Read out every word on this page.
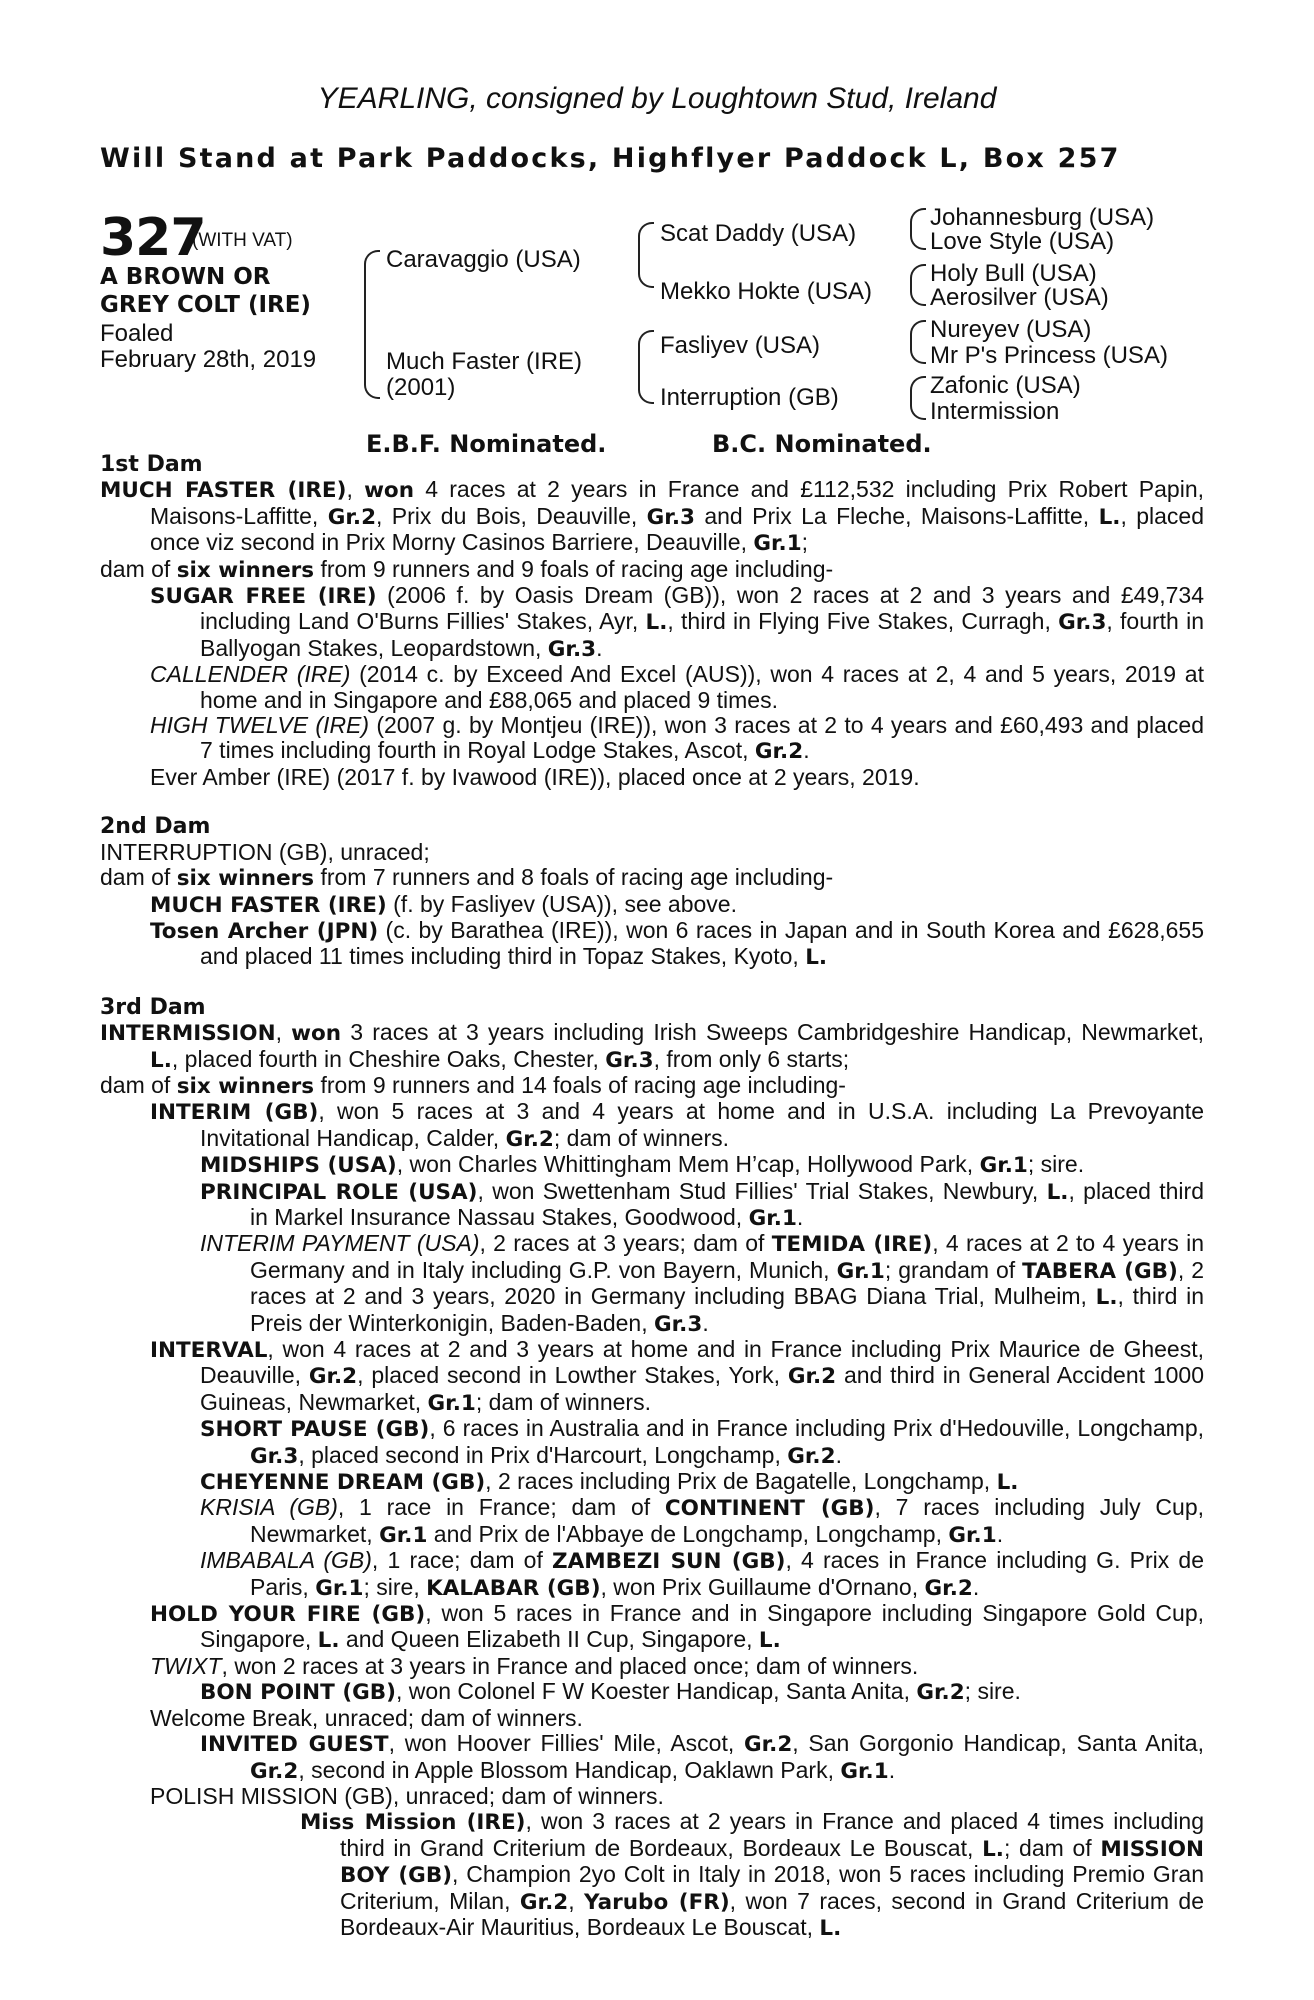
YEARLING, consigned by Loughtown Stud, Ireland
Will Stand at Park Paddocks, Highflyer Paddock L, Box 257
327
(WITH VAT)
A BROWN OR
GREY COLT (IRE)
Foaled
February 28th, 2019
Caravaggio (USA)
Much Faster (IRE)
(2001)
Scat Daddy (USA)
Mekko Hokte (USA)
Fasliyev (USA)
Interruption (GB)
Johannesburg (USA)
Love Style (USA)
Holy Bull (USA)
Aerosilver (USA)
Nureyev (USA)
Mr P's Princess (USA)
Zafonic (USA)
Intermission
E.B.F. Nominated.	B.C. Nominated.
1st Dam
MUCH FASTER (IRE), won 4 races at 2 years in France and £112,532 including Prix Robert Papin, Maisons-Laffitte, Gr.2, Prix du Bois, Deauville, Gr.3 and Prix La Fleche, Maisons-Laffitte, L., placed once viz second in Prix Morny Casinos Barriere, Deauville, Gr.1;
dam of six winners from 9 runners and 9 foals of racing age including-
SUGAR FREE (IRE) (2006 f. by Oasis Dream (GB)), won 2 races at 2 and 3 years and £49,734 including Land O'Burns Fillies' Stakes, Ayr, L., third in Flying Five Stakes, Curragh, Gr.3, fourth in Ballyogan Stakes, Leopardstown, Gr.3.
CALLENDER (IRE) (2014 c. by Exceed And Excel (AUS)), won 4 races at 2, 4 and 5 years, 2019 at home and in Singapore and £88,065 and placed 9 times.
HIGH TWELVE (IRE) (2007 g. by Montjeu (IRE)), won 3 races at 2 to 4 years and £60,493 and placed 7 times including fourth in Royal Lodge Stakes, Ascot, Gr.2.
Ever Amber (IRE) (2017 f. by Ivawood (IRE)), placed once at 2 years, 2019.
2nd Dam
INTERRUPTION (GB), unraced;
dam of six winners from 7 runners and 8 foals of racing age including-
MUCH FASTER (IRE) (f. by Fasliyev (USA)), see above.
Tosen Archer (JPN) (c. by Barathea (IRE)), won 6 races in Japan and in South Korea and £628,655 and placed 11 times including third in Topaz Stakes, Kyoto, L.
3rd Dam
INTERMISSION, won 3 races at 3 years including Irish Sweeps Cambridgeshire Handicap, Newmarket, L., placed fourth in Cheshire Oaks, Chester, Gr.3, from only 6 starts;
dam of six winners from 9 runners and 14 foals of racing age including-
INTERIM (GB), won 5 races at 3 and 4 years at home and in U.S.A. including La Prevoyante Invitational Handicap, Calder, Gr.2; dam of winners.
MIDSHIPS (USA), won Charles Whittingham Mem H’cap, Hollywood Park, Gr.1; sire.
PRINCIPAL ROLE (USA), won Swettenham Stud Fillies' Trial Stakes, Newbury, L., placed third in Markel Insurance Nassau Stakes, Goodwood, Gr.1.
INTERIM PAYMENT (USA), 2 races at 3 years; dam of TEMIDA (IRE), 4 races at 2 to 4 years in Germany and in Italy including G.P. von Bayern, Munich, Gr.1; grandam of TABERA (GB), 2 races at 2 and 3 years, 2020 in Germany including BBAG Diana Trial, Mulheim, L., third in Preis der Winterkonigin, Baden-Baden, Gr.3.
INTERVAL, won 4 races at 2 and 3 years at home and in France including Prix Maurice de Gheest, Deauville, Gr.2, placed second in Lowther Stakes, York, Gr.2 and third in General Accident 1000 Guineas, Newmarket, Gr.1; dam of winners.
SHORT PAUSE (GB), 6 races in Australia and in France including Prix d'Hedouville, Longchamp, Gr.3, placed second in Prix d'Harcourt, Longchamp, Gr.2.
CHEYENNE DREAM (GB), 2 races including Prix de Bagatelle, Longchamp, L.
KRISIA (GB), 1 race in France; dam of CONTINENT (GB), 7 races including July Cup, Newmarket, Gr.1 and Prix de l'Abbaye de Longchamp, Longchamp, Gr.1.
IMBABALA (GB), 1 race; dam of ZAMBEZI SUN (GB), 4 races in France including G. Prix de Paris, Gr.1; sire, KALABAR (GB), won Prix Guillaume d'Ornano, Gr.2.
HOLD YOUR FIRE (GB), won 5 races in France and in Singapore including Singapore Gold Cup, Singapore, L. and Queen Elizabeth II Cup, Singapore, L.
TWIXT, won 2 races at 3 years in France and placed once; dam of winners.
BON POINT (GB), won Colonel F W Koester Handicap, Santa Anita, Gr.2; sire.
Welcome Break, unraced; dam of winners.
INVITED GUEST, won Hoover Fillies' Mile, Ascot, Gr.2, San Gorgonio Handicap, Santa Anita, Gr.2, second in Apple Blossom Handicap, Oaklawn Park, Gr.1.
POLISH MISSION (GB), unraced; dam of winners.
Miss Mission (IRE), won 3 races at 2 years in France and placed 4 times including third in Grand Criterium de Bordeaux, Bordeaux Le Bouscat, L.; dam of MISSION BOY (GB), Champion 2yo Colt in Italy in 2018, won 5 races including Premio Gran Criterium, Milan, Gr.2, Yarubo (FR), won 7 races, second in Grand Criterium de Bordeaux-Air Mauritius, Bordeaux Le Bouscat, L.
